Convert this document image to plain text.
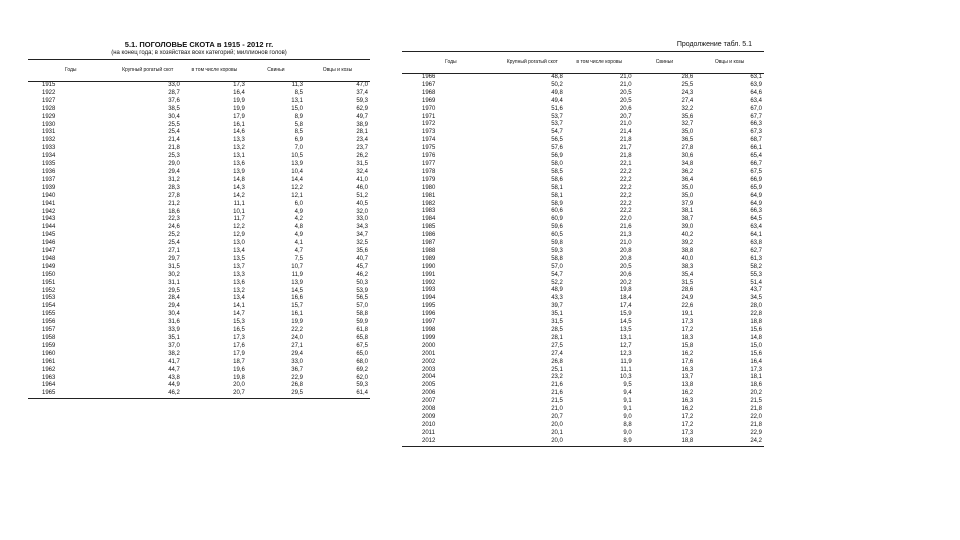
5.1. ПОГОЛОВЬЕ СКОТА в 1915 - 2012 гг.
(на конец года; в хозяйствах всех категорий; миллионов голов)
Годы	Крупный рогатый скот	в том числе коровы	Свиньи	Овцы и козы
1915	33,0	17,3	11,3	47,0
1922	28,7	16,4	8,5	37,4
1927	37,6	19,9	13,1	59,3
1928	38,5	19,9	15,0	62,9
1929	30,4	17,9	8,9	49,7
1930	25,5	16,1	5,8	38,9
1931	25,4	14,6	8,5	28,1
1932	21,4	13,3	6,9	23,4
1933	21,8	13,2	7,0	23,7
1934	25,3	13,1	10,5	26,2
1935	29,0	13,6	13,9	31,5
1936	29,4	13,9	10,4	32,4
1937	31,2	14,8	14,4	41,0
1939	28,3	14,3	12,2	46,0
1940	27,8	14,2	12,1	51,2
1941	21,2	11,1	6,0	40,5
1942	18,6	10,1	4,9	32,0
1943	22,3	11,7	4,2	33,0
1944	24,6	12,2	4,8	34,3
1945	25,2	12,9	4,9	34,7
1946	25,4	13,0	4,1	32,5
1947	27,1	13,4	4,7	35,6
1948	29,7	13,5	7,5	40,7
1949	31,5	13,7	10,7	45,7
1950	30,2	13,3	11,9	46,2
1951	31,1	13,6	13,9	50,3
1952	29,5	13,2	14,5	53,9
1953	28,4	13,4	16,6	56,5
1954	29,4	14,1	15,7	57,0
1955	30,4	14,7	16,1	58,8
1956	31,6	15,3	19,9	59,9
1957	33,9	16,5	22,2	61,8
1958	35,1	17,3	24,0	65,8
1959	37,0	17,6	27,1	67,5
1960	38,2	17,9	29,4	65,0
1961	41,7	18,7	33,0	68,0
1962	44,7	19,6	36,7	69,2
1963	43,8	19,8	22,9	62,0
1964	44,9	20,0	26,8	59,3
1965	46,2	20,7	29,5	61,4
Продолжение табл. 5.1
Годы	Крупный рогатый скот	в том числе коровы	Свиньи	Овцы и козы
1966	48,8	21,0	28,6	63,1
1967	50,2	21,0	25,5	63,9
1968	49,8	20,5	24,3	64,6
1969	49,4	20,5	27,4	63,4
1970	51,6	20,6	32,2	67,0
1971	53,7	20,7	35,6	67,7
1972	53,7	21,0	32,7	66,3
1973	54,7	21,4	35,0	67,3
1974	56,5	21,8	36,5	68,7
1975	57,6	21,7	27,8	66,1
1976	56,9	21,8	30,6	65,4
1977	58,0	22,1	34,8	66,7
1978	58,5	22,2	36,2	67,5
1979	58,6	22,2	36,4	66,9
1980	58,1	22,2	35,0	65,9
1981	58,1	22,2	35,0	64,9
1982	58,9	22,2	37,9	64,9
1983	60,6	22,2	38,1	66,3
1984	60,9	22,0	38,7	64,5
1985	59,6	21,6	39,0	63,4
1986	60,5	21,3	40,2	64,1
1987	59,8	21,0	39,2	63,8
1988	59,3	20,8	38,8	62,7
1989	58,8	20,8	40,0	61,3
1990	57,0	20,5	38,3	58,2
1991	54,7	20,6	35,4	55,3
1992	52,2	20,2	31,5	51,4
1993	48,9	19,8	28,6	43,7
1994	43,3	18,4	24,9	34,5
1995	39,7	17,4	22,6	28,0
1996	35,1	15,9	19,1	22,8
1997	31,5	14,5	17,3	18,8
1998	28,5	13,5	17,2	15,6
1999	28,1	13,1	18,3	14,8
2000	27,5	12,7	15,8	15,0
2001	27,4	12,3	16,2	15,6
2002	26,8	11,9	17,6	16,4
2003	25,1	11,1	16,3	17,3
2004	23,2	10,3	13,7	18,1
2005	21,6	9,5	13,8	18,6
2006	21,6	9,4	16,2	20,2
2007	21,5	9,1	16,3	21,5
2008	21,0	9,1	16,2	21,8
2009	20,7	9,0	17,2	22,0
2010	20,0	8,8	17,2	21,8
2011	20,1	9,0	17,3	22,9
2012	20,0	8,9	18,8	24,2
